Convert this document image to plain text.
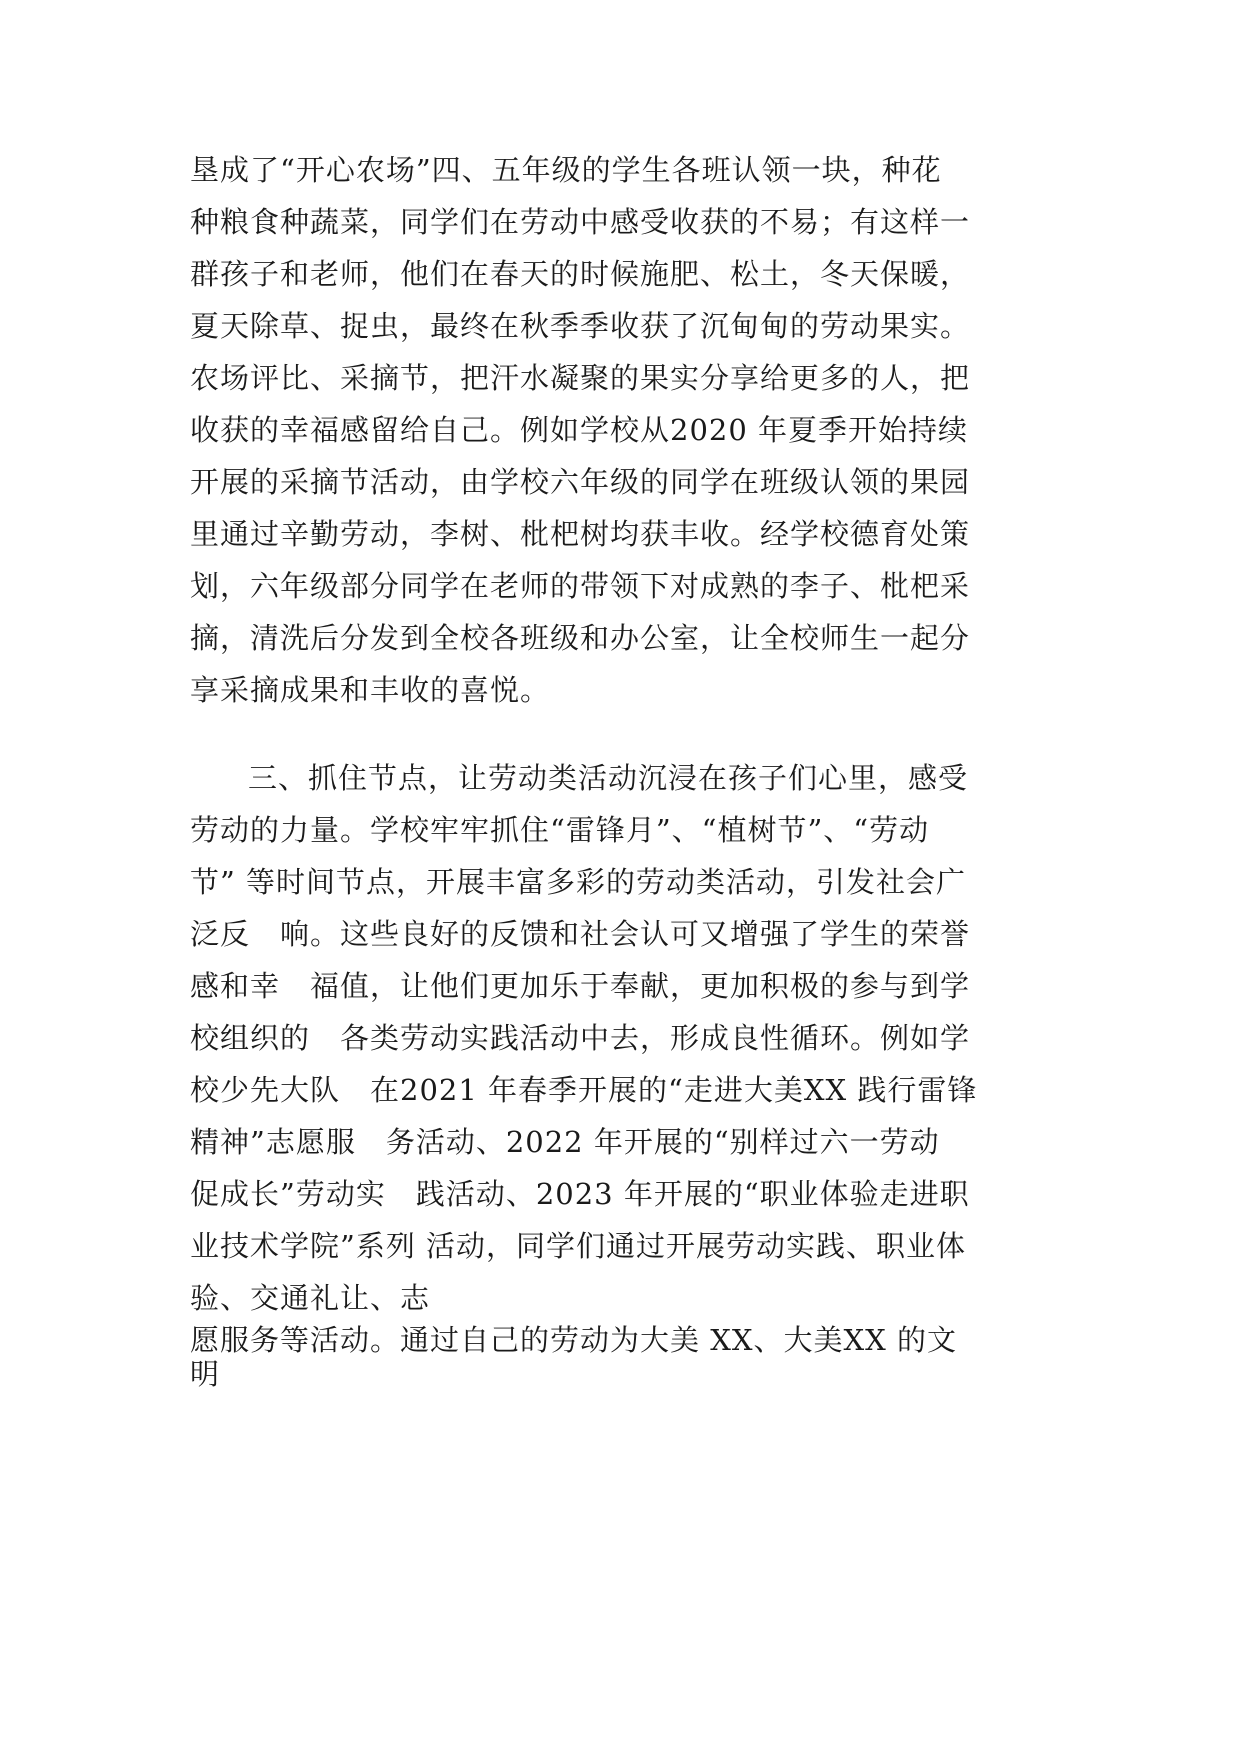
垦成了“开心农场”四、五年级的学生各班认领一块，种花
种粮食种蔬菜，同学们在劳动中感受收获的不易；有这样一
群孩子和老师，他们在春天的时候施肥、松土，冬天保暖，
夏天除草、捉虫，最终在秋季季收获了沉甸甸的劳动果实。
农场评比、采摘节，把汗水凝聚的果实分享给更多的人，把
收获的幸福感留给自己。例如学校从2020 年夏季开始持续
开展的采摘节活动，由学校六年级的同学在班级认领的果园
里通过辛勤劳动，李树、枇杷树均获丰收。经学校德育处策
划，六年级部分同学在老师的带领下对成熟的李子、枇杷采
摘，清洗后分发到全校各班级和办公室，让全校师生一起分
享采摘成果和丰收的喜悦。
三、抓住节点，让劳动类活动沉浸在孩子们心里，感受
劳动的力量。学校牢牢抓住“雷锋月”、“植树节”、“劳动
节” 等时间节点，开展丰富多彩的劳动类活动，引发社会广
泛反　响。这些良好的反馈和社会认可又增强了学生的荣誉
感和幸　福值，让他们更加乐于奉献，更加积极的参与到学
校组织的　各类劳动实践活动中去，形成良性循环。例如学
校少先大队　在2021 年春季开展的“走进大美XX 践行雷锋
精神”志愿服　务活动、2022 年开展的“别样过六一劳动
促成长”劳动实　践活动、2023 年开展的“职业体验走进职
业技术学院”系列 活动，同学们通过开展劳动实践、职业体
验、交通礼让、志
愿服务等活动。通过自己的劳动为大美 XX、大美XX 的文
明
